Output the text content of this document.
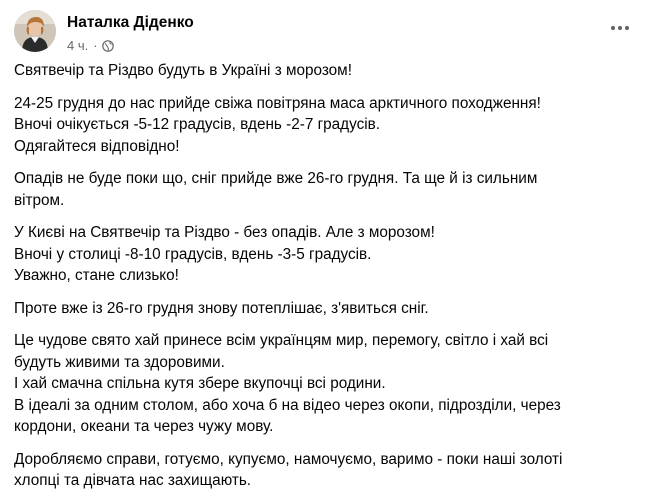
Наталка Діденко
4 ч. ·
Святвечір та Різдво будуть в Україні з морозом!
24-25 грудня до нас прийде свіжа повітряна маса арктичного походження!
Вночі очікується -5-12 градусів, вдень -2-7 градусів.
Одягайтеся відповідно!
Опадів не буде поки що, сніг прийде вже 26-го грудня. Та ще й із сильним
вітром.
У Києві на Святвечір та Різдво - без опадів. Але з морозом!
Вночі у столиці -8-10 градусів, вдень -3-5 градусів.
Уважно, стане слизько!
Проте вже із 26-го грудня знову потеплішає, з'явиться сніг.
Це чудове свято хай принесе всім українцям мир, перемогу, світло і хай всі
будуть живими та здоровими.
І хай смачна спільна кутя збере вкупочці всі родини.
В ідеалі за одним столом, або хоча б на відео через окопи, підрозділи, через
кордони, океани та через чужу мову.
Доробляємо справи, готуємо, купуємо, намочуємо, варимо - поки наші золоті
хлопці та дівчата нас захищають.
